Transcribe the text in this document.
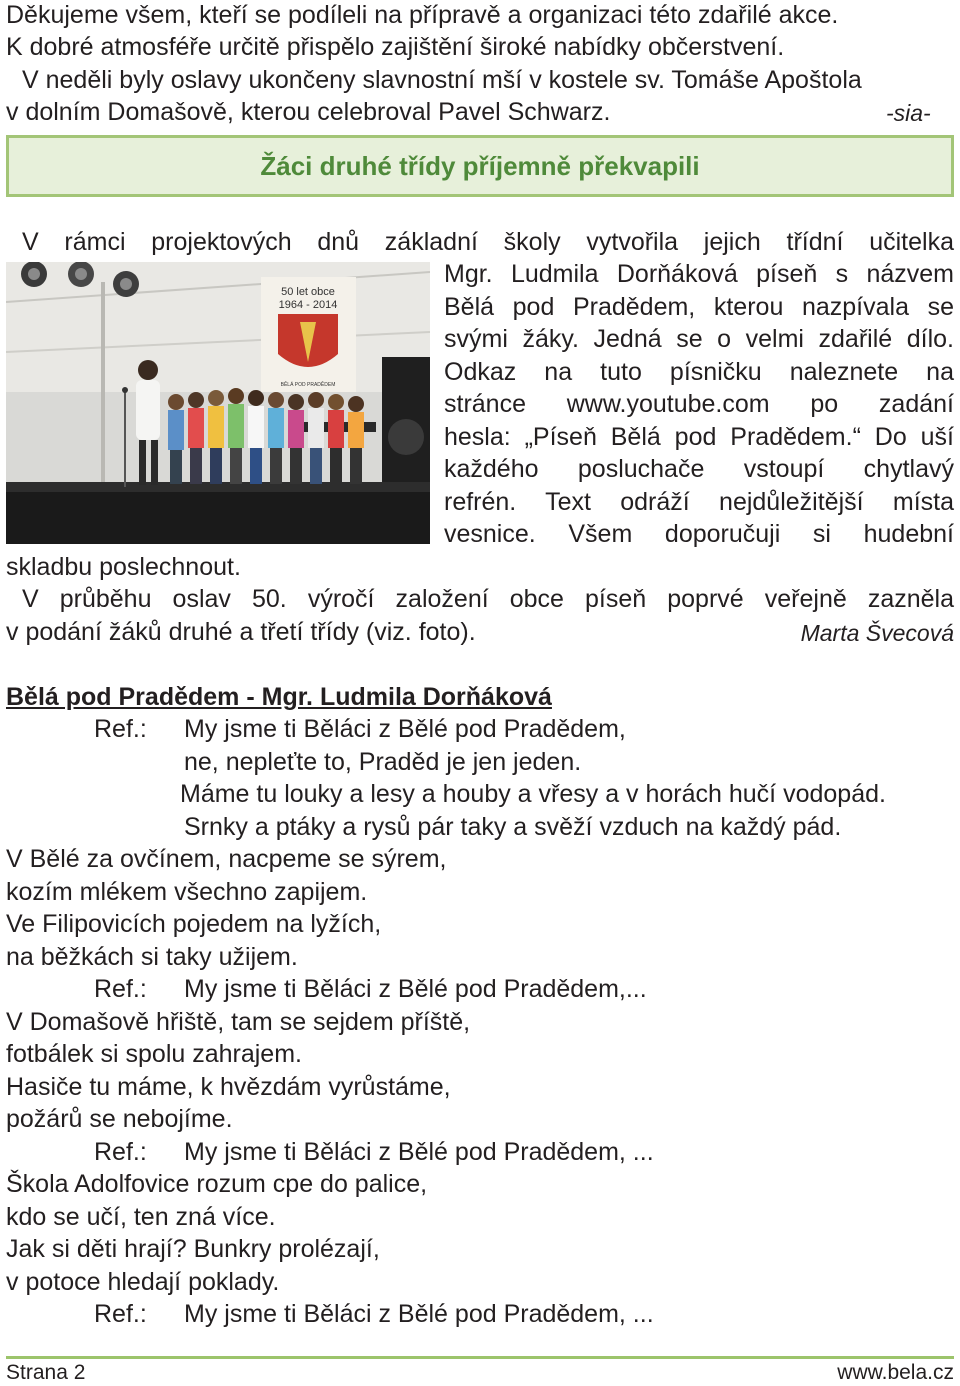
Děkujeme všem, kteří se podíleli na přípravě a organizaci této zdařilé akce.
K dobré atmosféře určitě přispělo zajištění široké nabídky občerstvení.
V neděli byly oslavy ukončeny slavnostní mší v kostele sv. Tomáše Apoštola
v dolním Domašově, kterou celebroval Pavel Schwarz.	-sia-
Žáci druhé třídy příjemně překvapili
V rámci projektových dnů základní školy vytvořila jejich třídní učitelka
50 let obce
1964 - 2014
BĚLÁ POD PRADĚDEM
Mgr. Ludmila Dorňáková píseň s názvem
Bělá pod Pradědem, kterou nazpívala se
svými žáky. Jedná se o velmi zdařilé dílo.
Odkaz na tuto písničku naleznete na
stránce www.youtube.com po zadání
hesla: „Píseň Bělá pod Pradědem.“ Do uší
každého posluchače vstoupí chytlavý
refrén. Text odráží nejdůležitější místa
vesnice. Všem doporučuji si hudební
skladbu poslechnout.
V průběhu oslav 50. výročí založení obce píseň poprvé veřejně zazněla
v podání žáků druhé a třetí třídy (viz. foto).	Marta Švecová
Bělá pod Pradědem - Mgr. Ludmila Dorňáková
Ref.: My jsme ti Běláci z Bělé pod Pradědem,
ne, nepleťte to, Praděd je jen jeden.
Máme tu louky a lesy a houby a vřesy a v horách hučí vodopád.
Srnky a ptáky a rysů pár taky a svěží vzduch na každý pád.
V Bělé za ovčínem, nacpeme se sýrem,
kozím mlékem všechno zapijem.
Ve Filipovicích pojedem na lyžích,
na běžkách si taky užijem.
Ref.: My jsme ti Běláci z Bělé pod Pradědem,...
V Domašově hřiště, tam se sejdem příště,
fotbálek si spolu zahrajem.
Hasiče tu máme, k hvězdám vyrůstáme,
požárů se nebojíme.
Ref.: My jsme ti Běláci z Bělé pod Pradědem, ...
Škola Adolfovice rozum cpe do palice,
kdo se učí, ten zná více.
Jak si děti hrají? Bunkry prolézají,
v potoce hledají poklady.
Ref.: My jsme ti Běláci z Bělé pod Pradědem, ...
Strana 2	www.bela.cz
